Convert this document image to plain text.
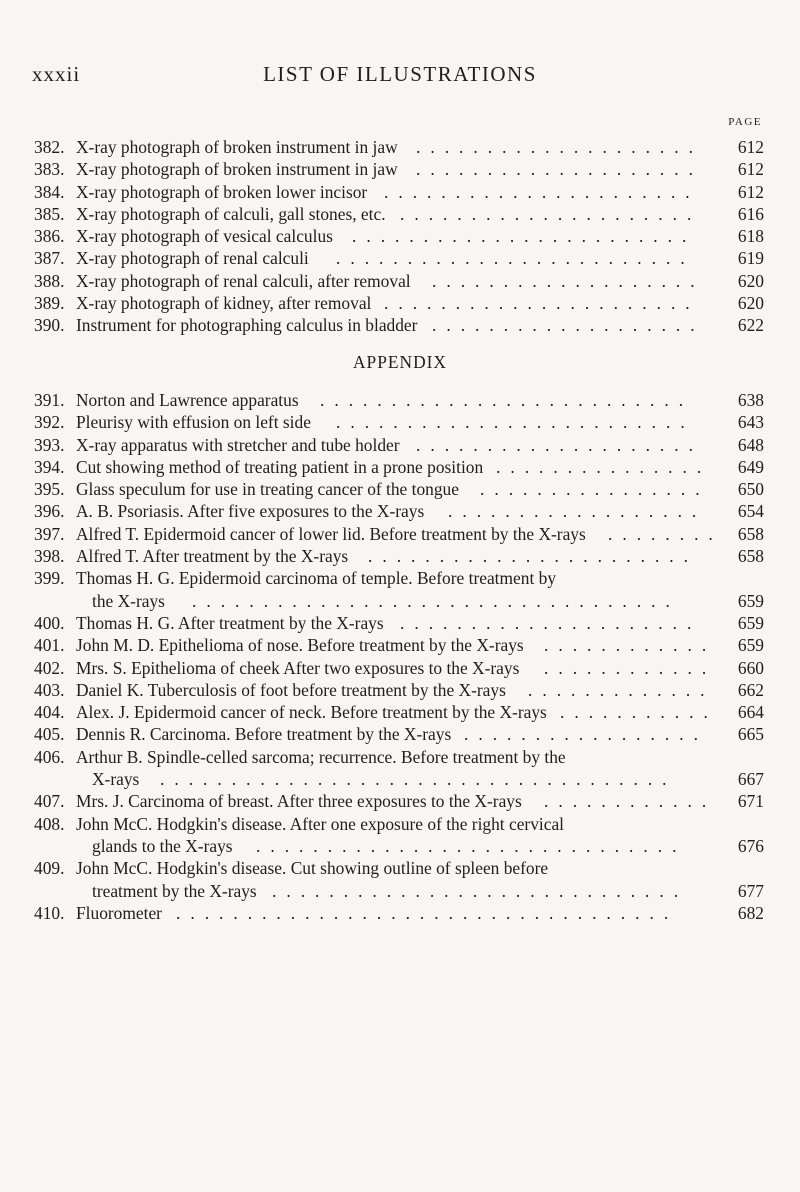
xxxii	LIST OF ILLUSTRATIONS
PAGE
382. X-ray photograph of broken instrument in jaw .................... 612
383. X-ray photograph of broken instrument in jaw .................... 612
384. X-ray photograph of broken lower incisor ...................... 612
385. X-ray photograph of calculi, gall stones, etc. ..................... 616
386. X-ray photograph of vesical calculus ........................ 618
387. X-ray photograph of renal calculi ......................... 619
388. X-ray photograph of renal calculi, after removal ................... 620
389. X-ray photograph of kidney, after removal ...................... 620
390. Instrument for photographing calculus in bladder ................... 622
APPENDIX
391. Norton and Lawrence apparatus ..........................	638
392. Pleurisy with effusion on left side ......................... 643
393. X-ray apparatus with stretcher and tube holder .................... 648
394. Cut showing method of treating patient in a prone position ............... 649
395. Glass speculum for use in treating cancer of the tongue ................ 650
396. A. B. Psoriasis. After five exposures to the X-rays .................. 654
397. Alfred T. Epidermoid cancer of lower lid. Before treatment by the X-rays ........ 658
398. Alfred T. After treatment by the X-rays ....................... 658
399. Thomas H. G. Epidermoid carcinoma of temple. Before treatment by
the X-rays ..................................	659
400. Thomas H. G. After treatment by the X-rays ..................... 659
401. John M. D. Epithelioma of nose. Before treatment by the X-rays ............ 659
402. Mrs. S. Epithelioma of cheek After two exposures to the X-rays ............ 660
403. Daniel K. Tuberculosis of foot before treatment by the X-rays ............. 662
404. Alex. J. Epidermoid cancer of neck. Before treatment by the X-rays ........... 664
405. Dennis R. Carcinoma. Before treatment by the X-rays ................. 665
406. Arthur B. Spindle-celled sarcoma; recurrence. Before treatment by the
X-rays ....................................	667
407. Mrs. J. Carcinoma of breast. After three exposures to the X-rays ............ 671
408. John McC. Hodgkin's disease. After one exposure of the right cervical
glands to the X-rays ..............................	676
409. John McC. Hodgkin's disease. Cut showing outline of spleen before
treatment by the X-rays .............................	677
410. Fluorometer ...................................	682
